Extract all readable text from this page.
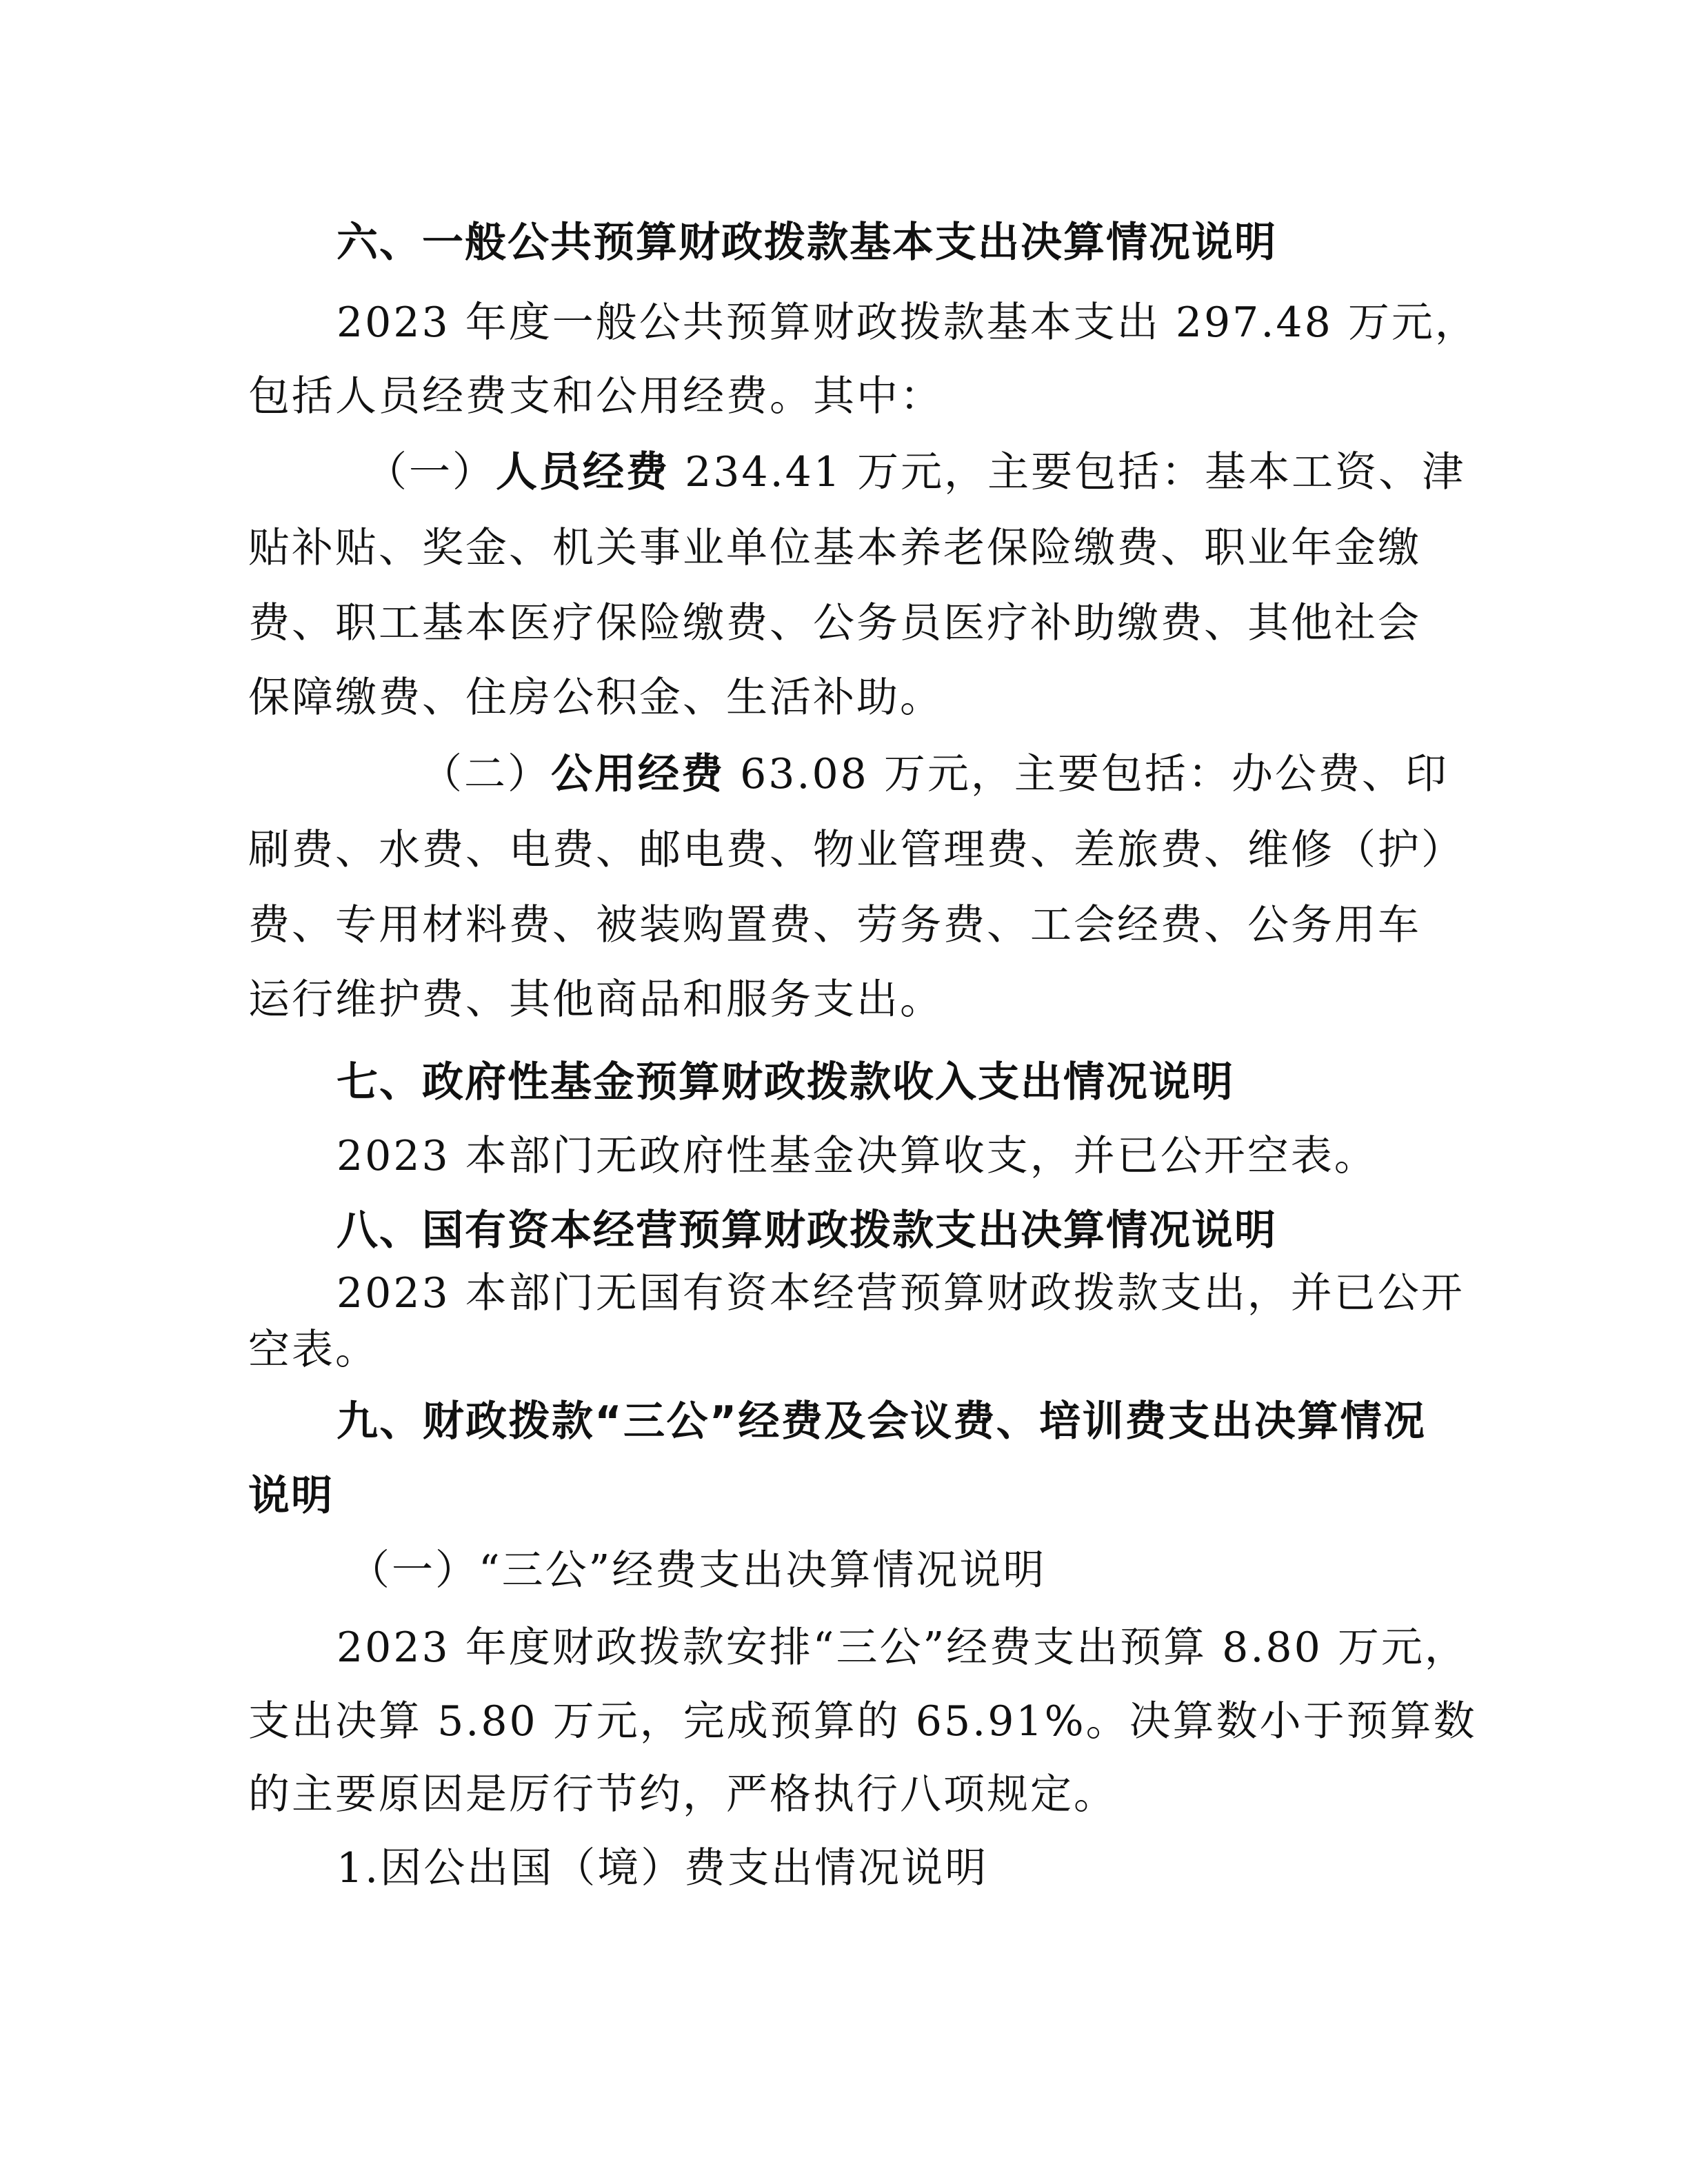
六、一般公共预算财政拨款基本支出决算情况说明
2023 年度一般公共预算财政拨款基本支出 297.48 万元，
包括人员经费支和公用经费。其中：
（一）人员经费 234.41 万元，主要包括：基本工资、津
贴补贴、奖金、机关事业单位基本养老保险缴费、职业年金缴
费、职工基本医疗保险缴费、公务员医疗补助缴费、其他社会
保障缴费、住房公积金、生活补助。
（二）公用经费 63.08 万元，主要包括：办公费、印
刷费、水费、电费、邮电费、物业管理费、差旅费、维修（护）
费、专用材料费、被装购置费、劳务费、工会经费、公务用车
运行维护费、其他商品和服务支出。
七、政府性基金预算财政拨款收入支出情况说明
2023 本部门无政府性基金决算收支，并已公开空表。
八、国有资本经营预算财政拨款支出决算情况说明
2023 本部门无国有资本经营预算财政拨款支出，并已公开
空表。
九、财政拨款“三公”经费及会议费、培训费支出决算情况
说明
（一）“三公”经费支出决算情况说明
2023 年度财政拨款安排“三公”经费支出预算 8.80 万元，
支出决算 5.80 万元，完成预算的 65.91%。决算数小于预算数
的主要原因是厉行节约，严格执行八项规定。
1.因公出国（境）费支出情况说明
